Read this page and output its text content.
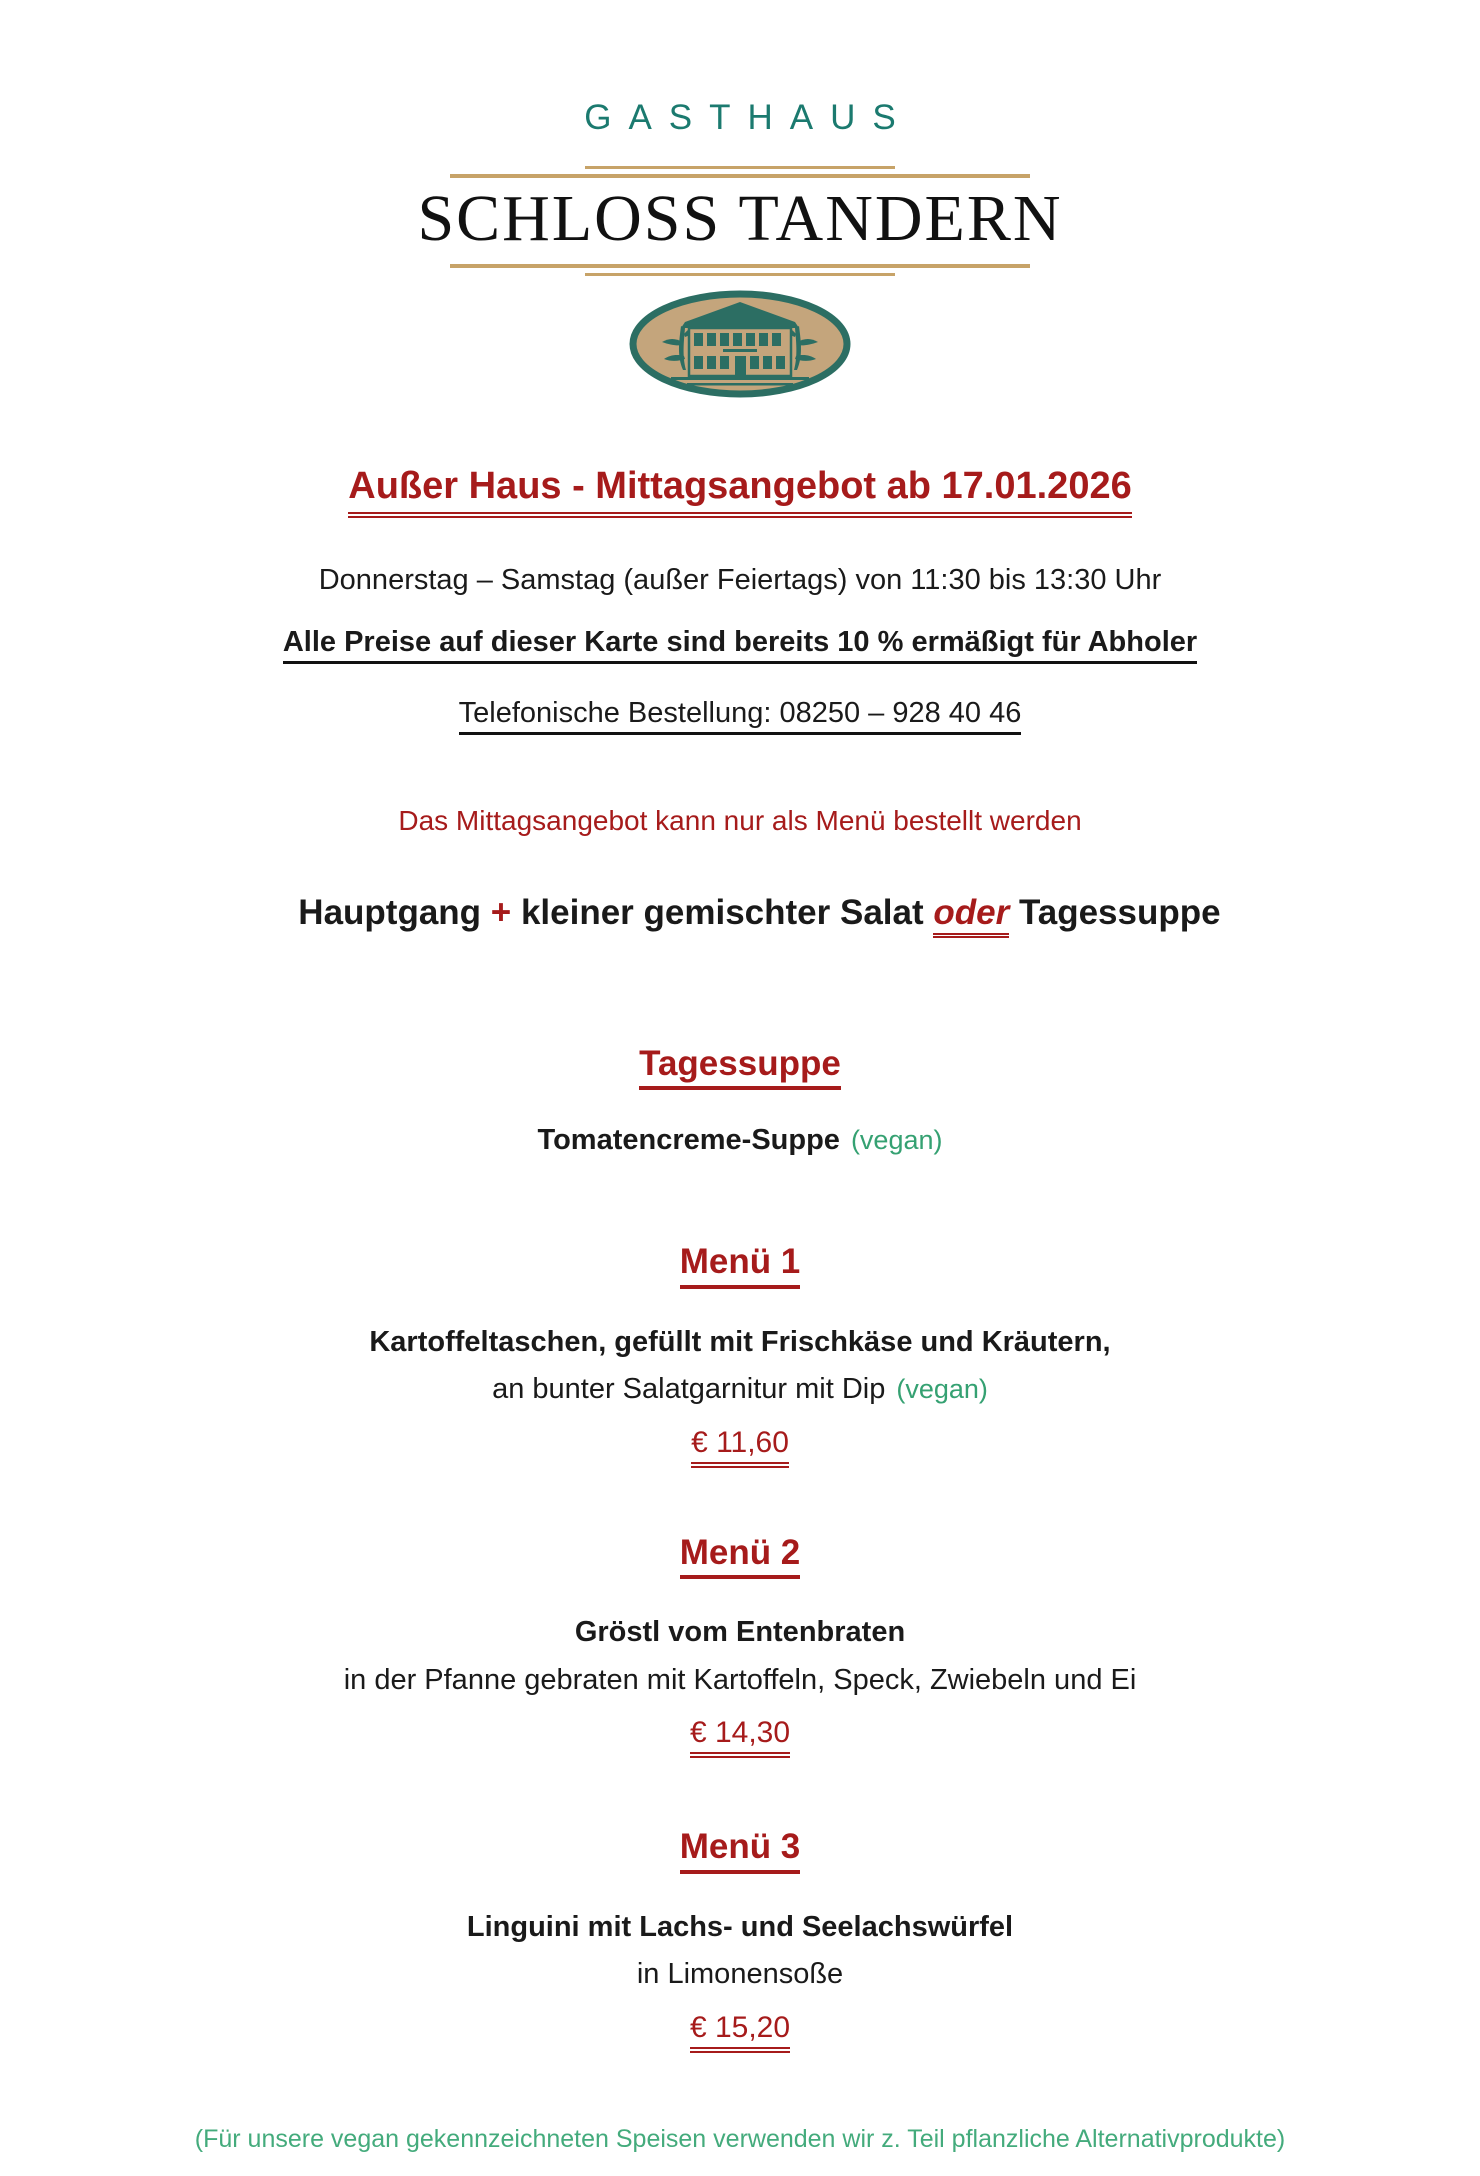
GASTHAUS
SCHLOSS TANDERN
Außer Haus - Mittagsangebot ab 17.01.2026
Donnerstag – Samstag (außer Feiertags) von 11:30 bis 13:30 Uhr
Alle Preise auf dieser Karte sind bereits 10 % ermäßigt für Abholer
Telefonische Bestellung: 08250 – 928 40 46
Das Mittagsangebot kann nur als Menü bestellt werden

Hauptgang + kleiner gemischter Salat oder Tagessuppe

Tagessuppe
Tomatencreme-Suppe (vegan)
Menü 1
Kartoffeltaschen, gefüllt mit Frischkäse und Kräutern,
an bunter Salatgarnitur mit Dip (vegan)
€ 11,60
Menü 2
Gröstl vom Entenbraten
in der Pfanne gebraten mit Kartoffeln, Speck, Zwiebeln und Ei
€ 14,30
Menü 3
Linguini mit Lachs- und Seelachswürfel
in Limonensoße
€ 15,20
(Für unsere vegan gekennzeichneten Speisen verwenden wir z. Teil pflanzliche Alternativprodukte)
